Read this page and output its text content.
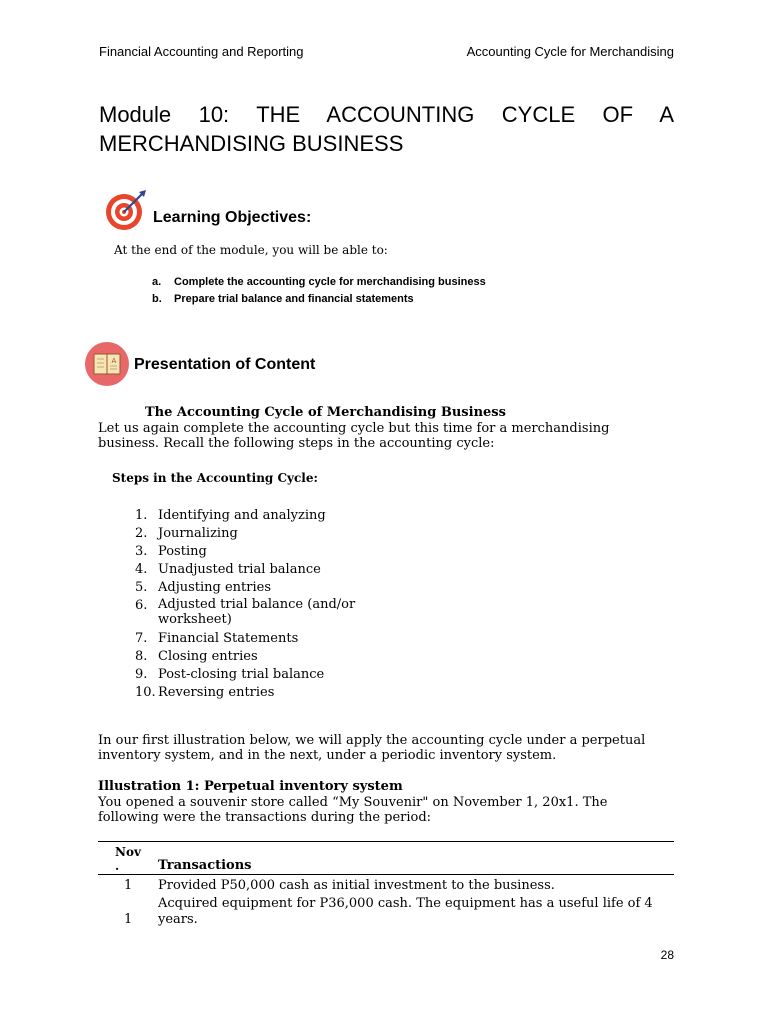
Financial Accounting and Reporting	Accounting Cycle for Merchandising
Module 10: THE ACCOUNTING CYCLE OF A
MERCHANDISING BUSINESS
Learning Objectives:
At the end of the module, you will be able to:
a. Complete the accounting cycle for merchandising business
b. Prepare trial balance and financial statements
A Presentation of Content
The Accounting Cycle of Merchandising Business
Let us again complete the accounting cycle but this time for a merchandising
business. Recall the following steps in the accounting cycle:
Steps in the Accounting Cycle:
1. Identifying and analyzing
2. Journalizing
3. Posting
4. Unadjusted trial balance
5. Adjusting entries
6. Adjusted trial balance (and/or worksheet)
7. Financial Statements
8. Closing entries
9. Post-closing trial balance
10. Reversing entries
In our first illustration below, we will apply the accounting cycle under a perpetual
inventory system, and in the next, under a periodic inventory system.
Illustration 1: Perpetual inventory system
You opened a souvenir store called “My Souvenir" on November 1, 20x1. The
following were the transactions during the period:
Nov .	Transactions
1 Provided P50,000 cash as initial investment to the business.
1
Acquired equipment for P36,000 cash. The equipment has a useful life of 4 years.
28
